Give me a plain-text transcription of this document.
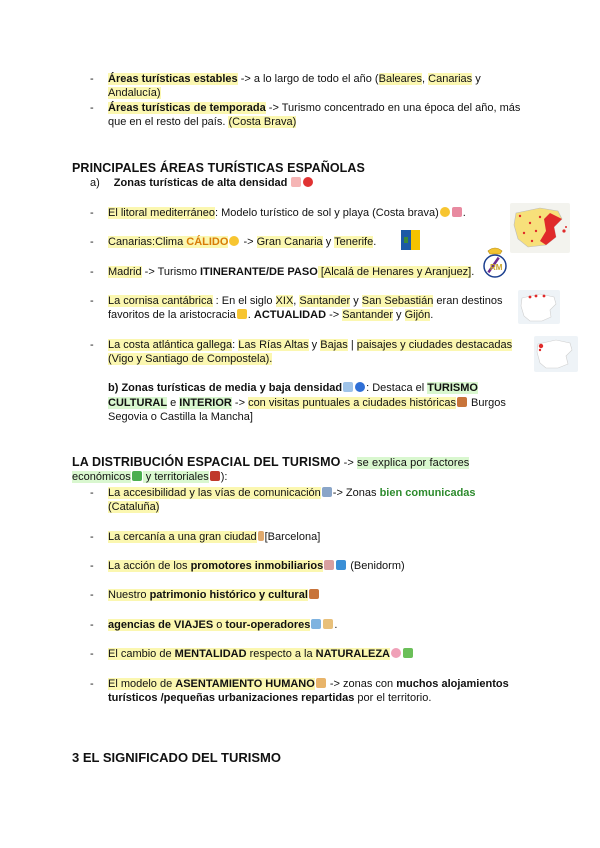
- Áreas turísticas estables -> a lo largo de todo el año (Baleares, Canarias y
Andalucía)
- Áreas turísticas de temporada -> Turismo concentrado en una época del año, más
que en el resto del país. (Costa Brava)
PRINCIPALES ÁREAS TURÍSTICAS ESPAÑOLAS
a) Zonas turísticas de alta densidad
- El litoral mediterráneo: Modelo turístico de sol y playa (Costa brava) .
- Canarias:Clima CÁLIDO -> Gran Canaria y Tenerife.
- Madrid -> Turismo ITINERANTE/DE PASO [Alcalá de Henares y Aranjuez].
- La cornisa cantábrica : En el siglo XIX, Santander y San Sebastián eran destinos
favoritos de la aristocracia . ACTUALIDAD -> Santander y Gijón.
- La costa atlántica gallega: Las Rías Altas y Bajas | paisajes y ciudades destacadas
(Vigo y Santiago de Compostela).
b) Zonas turísticas de media y baja densidad : Destaca el TURISMO
CULTURAL e INTERIOR -> con visitas puntuales a ciudades históricas Burgos
Segovia o Castilla la Mancha]
LA DISTRIBUCIÓN ESPACIAL DEL TURISMO -> se explica por factores
económicos y territoriales ):
- La accesibilidad y las vías de comunicación -> Zonas bien comunicadas
(Cataluña)
- La cercanía a una gran ciudad [Barcelona]
- La acción de los promotores inmobiliarios (Benidorm)
- Nuestro patrimonio histórico y cultural
- agencias de VIAJES o tour-operadores .
- El cambio de MENTALIDAD respecto a la NATURALEZA
- El modelo de ASENTAMIENTO HUMANO -> zonas con muchos alojamientos
turísticos /pequeñas urbanizaciones repartidas por el territorio.
3 EL SIGNIFICADO DEL TURISMO
RM
